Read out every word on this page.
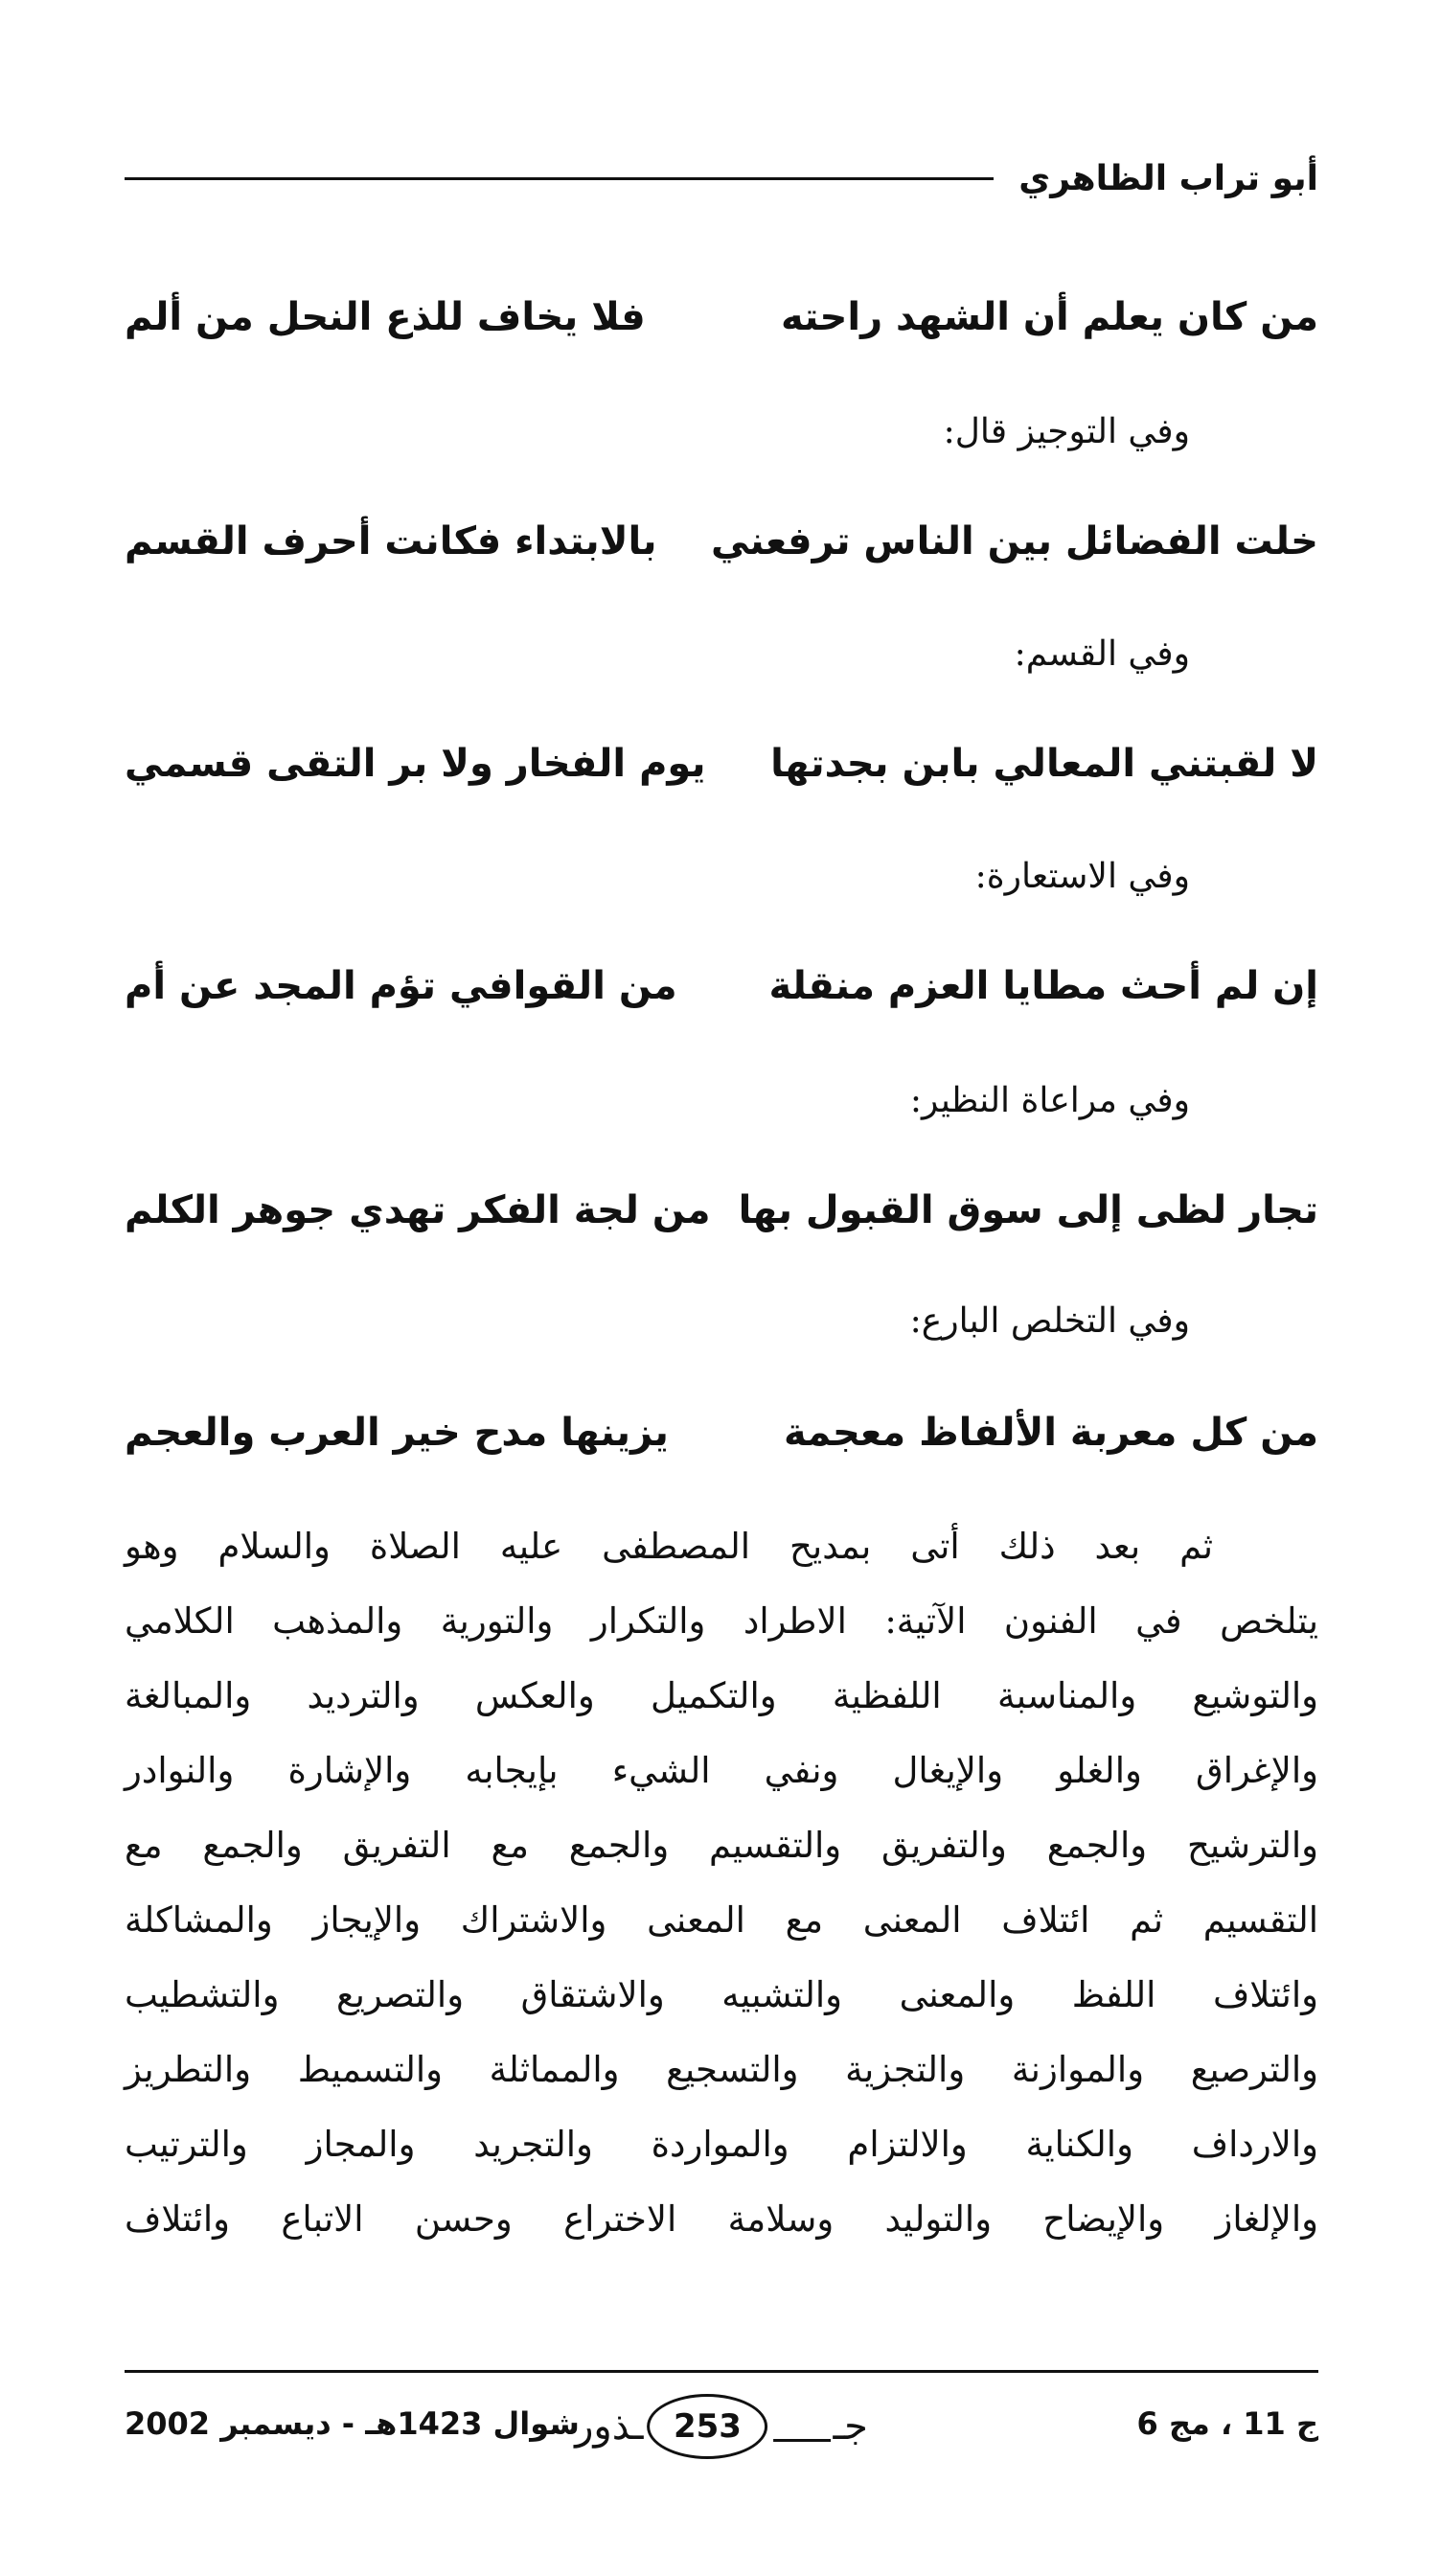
أبو تراب الظاهري
من كان يعلم أن الشهد راحته
فلا يخاف للذع النحل من ألم
وفي التوجيز قال:
خلت الفضائل بين الناس ترفعني
بالابتداء فكانت أحرف القسم
وفي القسم:
لا لقبتني المعالي بابن بجدتها
يوم الفخار ولا بر التقى قسمي
وفي الاستعارة:
إن لم أحث مطايا العزم منقلة
من القوافي تؤم المجد عن أم
وفي مراعاة النظير:
تجار لظى إلى سوق القبول بها
من لجة الفكر تهدي جوهر الكلم
وفي التخلص البارع:
من كل معربة الألفاظ معجمة
يزينها مدح خير العرب والعجم
ثم بعد ذلك أتى بمديح المصطفى عليه الصلاة والسلام وهو
يتلخص في الفنون الآتية: الاطراد والتكرار والتورية والمذهب الكلامي
والتوشيع والمناسبة اللفظية والتكميل والعكس والترديد والمبالغة
والإغراق والغلو والإيغال ونفي الشيء بإيجابه والإشارة والنوادر
والترشيح والجمع والتفريق والتقسيم والجمع مع التفريق والجمع مع
التقسيم ثم ائتلاف المعنى مع المعنى والاشتراك والإيجاز والمشاكلة
وائتلاف اللفظ والمعنى والتشبيه والاشتقاق والتصريع والتشطيب
والترصيع والموازنة والتجزية والتسجيع والمماثلة والتسميط والتطريز
والارداف والكناية والالتزام والمواردة والتجريد والمجاز والترتيب
والإلغاز والإيضاح والتوليد وسلامة الاختراع وحسن الاتباع وائتلاف
ج 11 ، مج 6
جـ
253
ـذور
شوال 1423هـ - ديسمبر 2002
